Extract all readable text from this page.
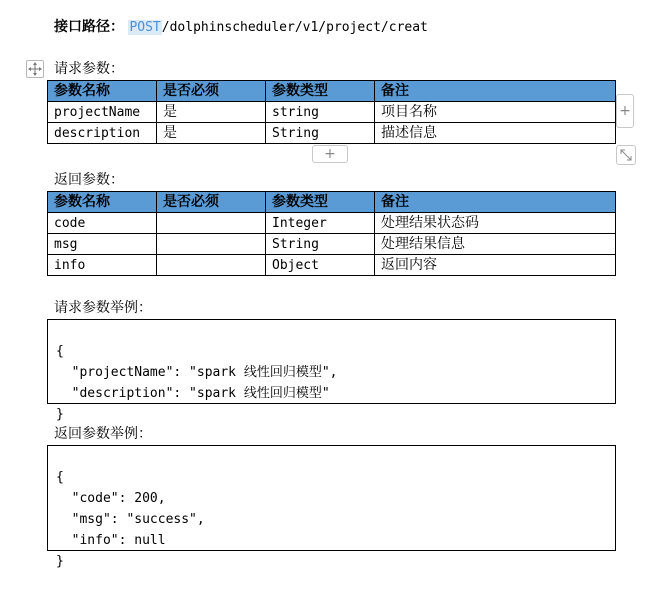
接口路径： POST/dolphinscheduler/v1/project/creat
请求参数：
参数名称	是否必须	参数类型	备注
projectName	是	string	项目名称
description	是	String	描述信息
+
+
返回参数：
参数名称	是否必须	参数类型	备注
code		Integer	处理结果状态码
msg		String	处理结果信息
info		Object	返回内容
请求参数举例：

{
"projectName": "spark 线性回归模型",
"description": "spark 线性回归模型"
}

返回参数举例：

{
"code": 200,
"msg": "success",
"info": null
}
